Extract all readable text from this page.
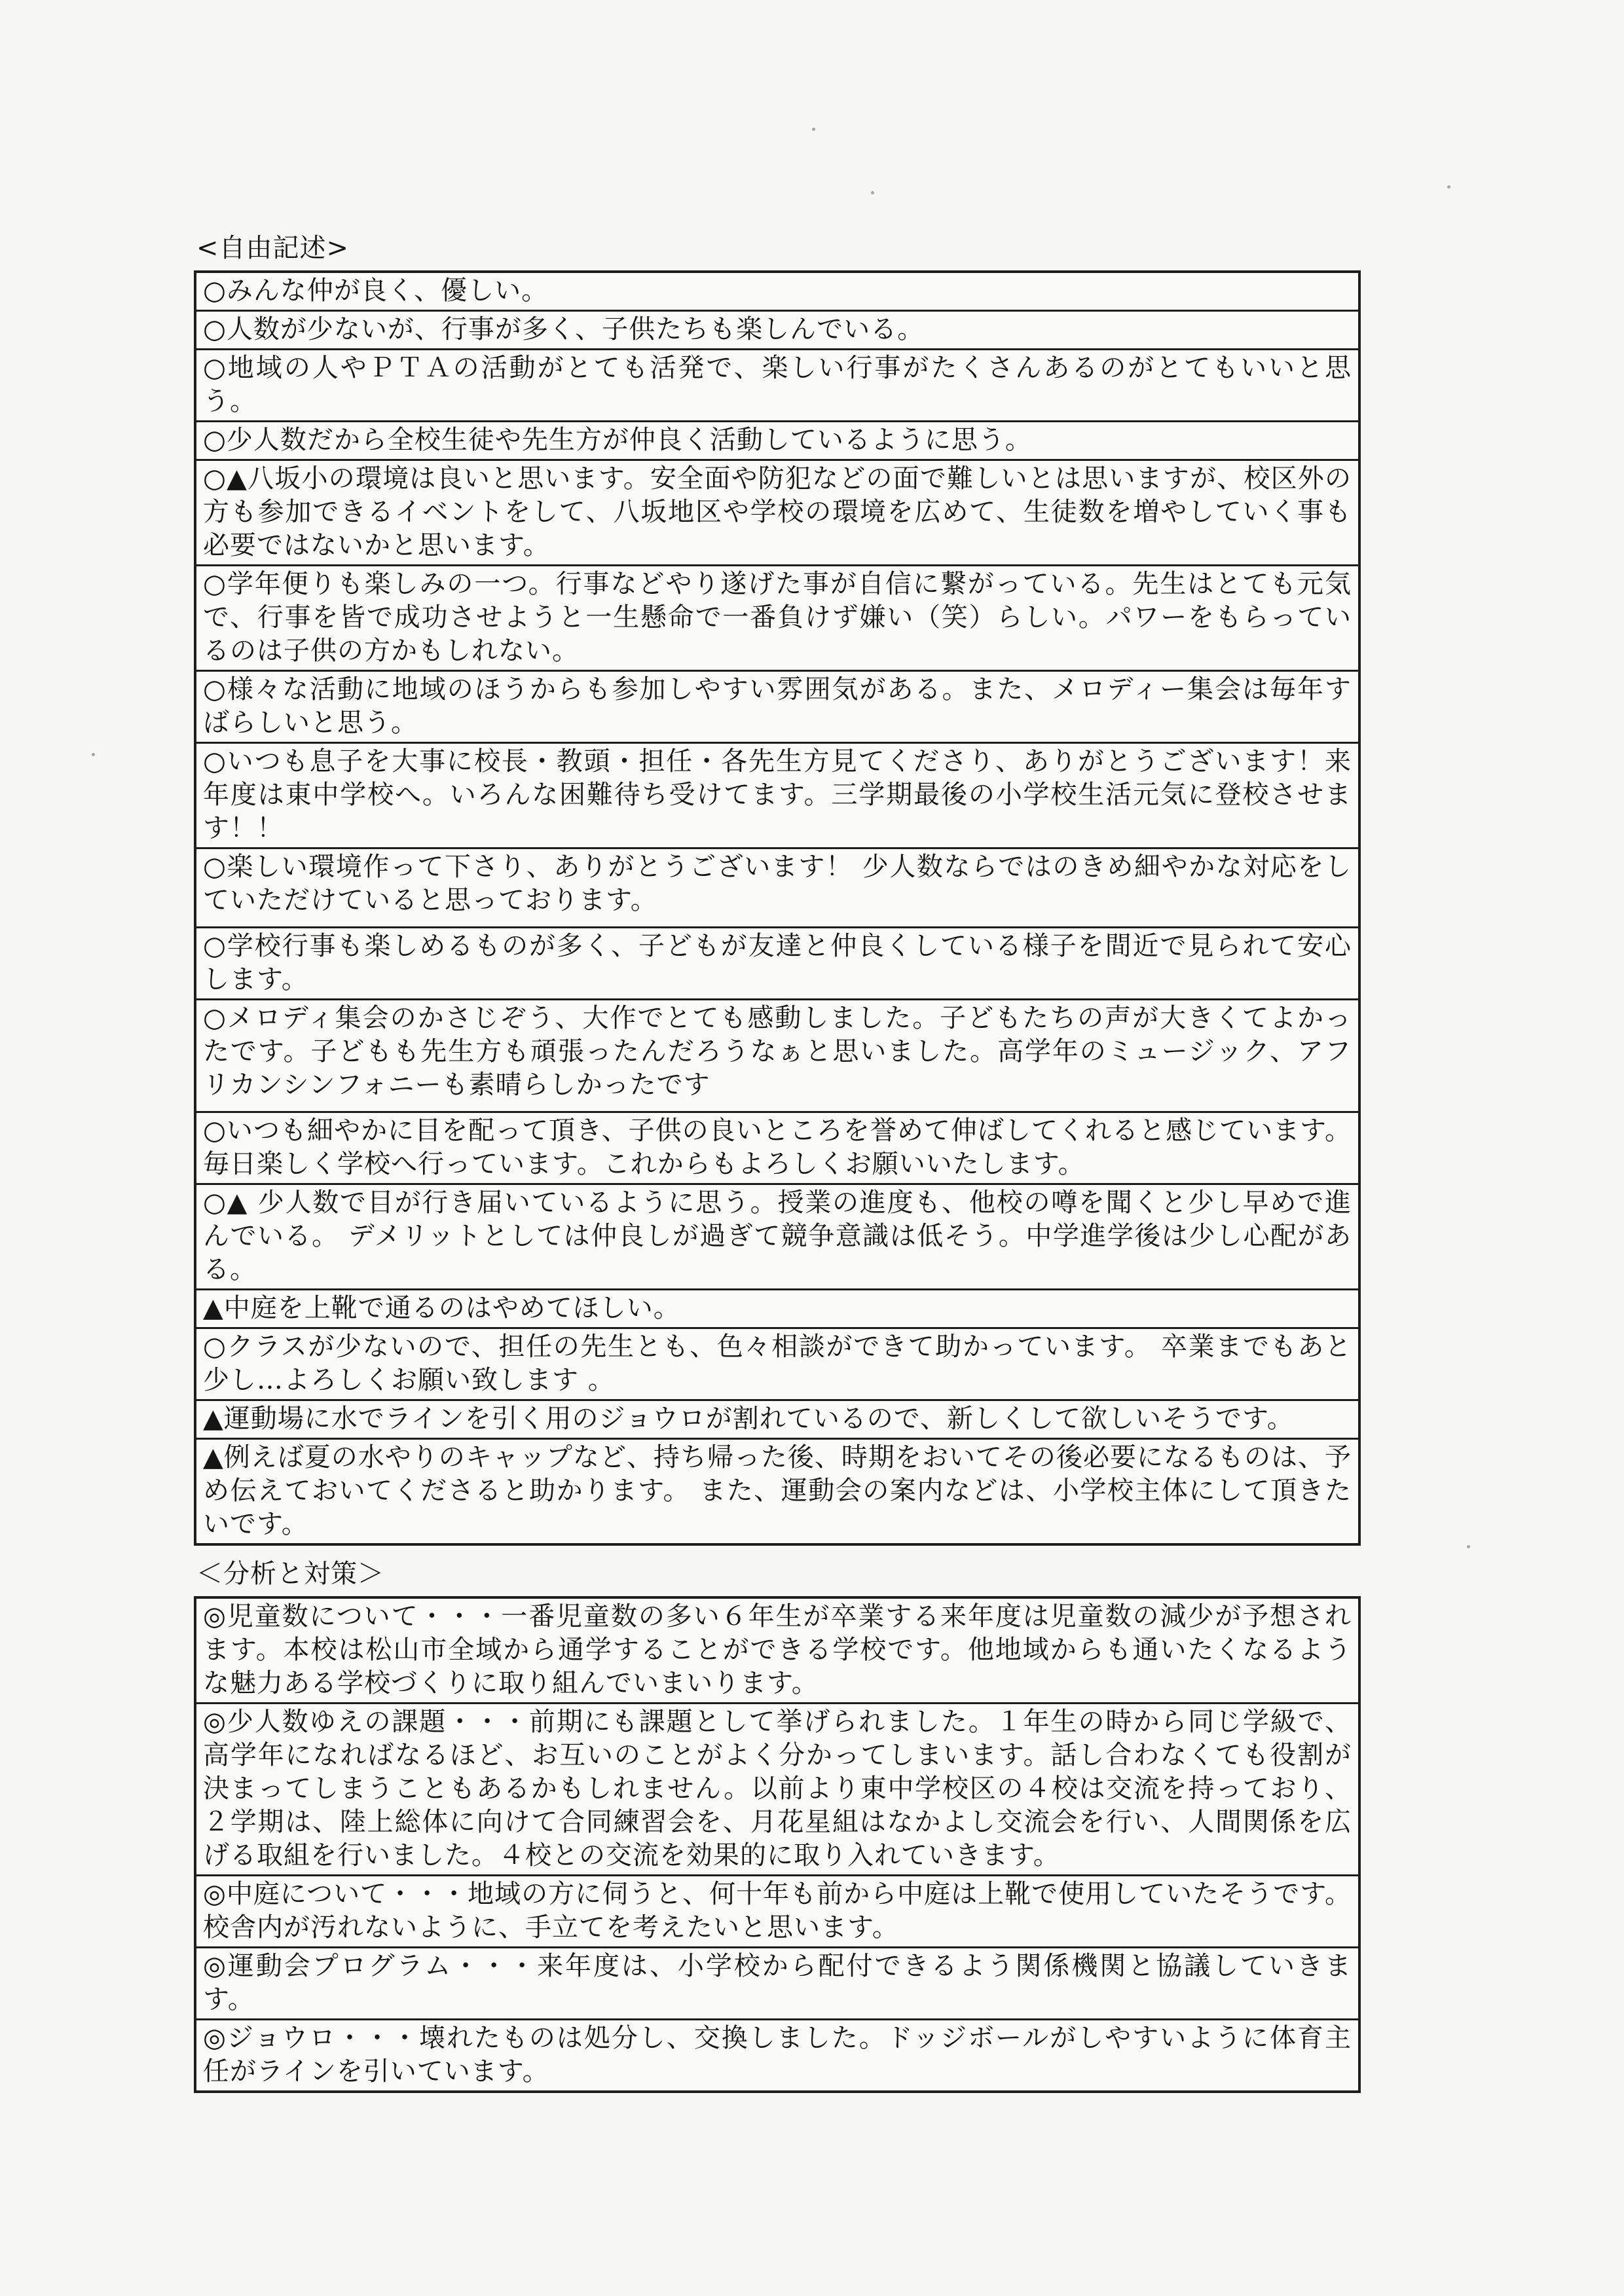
<自由記述>
○みんな仲が良く、優しい。
○人数が少ないが、行事が多く、子供たちも楽しんでいる。
○地域の人やＰＴＡの活動がとても活発で、楽しい行事がたくさんあるのがとてもいいと思う。
○少人数だから全校生徒や先生方が仲良く活動しているように思う。
○▲八坂小の環境は良いと思います。安全面や防犯などの面で難しいとは思いますが、校区外の方も参加できるイベントをして、八坂地区や学校の環境を広めて、生徒数を増やしていく事も必要ではないかと思います。
○学年便りも楽しみの一つ。行事などやり遂げた事が自信に繋がっている。先生はとても元気で、行事を皆で成功させようと一生懸命で一番負けず嫌い（笑）らしい。パワーをもらっているのは子供の方かもしれない。
○様々な活動に地域のほうからも参加しやすい雰囲気がある。また、メロディー集会は毎年すばらしいと思う。
○いつも息子を大事に校長・教頭・担任・各先生方見てくださり、ありがとうございます！来年度は東中学校へ。いろんな困難待ち受けてます。三学期最後の小学校生活元気に登校させます！！
○楽しい環境作って下さり、ありがとうございます！ 少人数ならではのきめ細やかな対応をしていただけていると思っております。
○学校行事も楽しめるものが多く、子どもが友達と仲良くしている様子を間近で見られて安心します。
○メロディ集会のかさじぞう、大作でとても感動しました。子どもたちの声が大きくてよかったです。子どもも先生方も頑張ったんだろうなぁと思いました。高学年のミュージック、アフリカンシンフォニーも素晴らしかったです
○いつも細やかに目を配って頂き、子供の良いところを誉めて伸ばしてくれると感じています。毎日楽しく学校へ行っています。これからもよろしくお願いいたします。
○▲ 少人数で目が行き届いているように思う。授業の進度も、他校の噂を聞くと少し早めで進んでいる。 デメリットとしては仲良しが過ぎて競争意識は低そう。中学進学後は少し心配がある。
▲中庭を上靴で通るのはやめてほしい。
○クラスが少ないので、担任の先生とも、色々相談ができて助かっています。 卒業までもあと少し…よろしくお願い致します 。
▲運動場に水でラインを引く用のジョウロが割れているので、新しくして欲しいそうです。
▲例えば夏の水やりのキャップなど、持ち帰った後、時期をおいてその後必要になるものは、予め伝えておいてくださると助かります。 また、運動会の案内などは、小学校主体にして頂きたいです。
＜分析と対策＞
◎児童数について・・・一番児童数の多い６年生が卒業する来年度は児童数の減少が予想されます。本校は松山市全域から通学することができる学校です。他地域からも通いたくなるような魅力ある学校づくりに取り組んでいまいります。
◎少人数ゆえの課題・・・前期にも課題として挙げられました。１年生の時から同じ学級で、高学年になればなるほど、お互いのことがよく分かってしまいます。話し合わなくても役割が決まってしまうこともあるかもしれません。以前より東中学校区の４校は交流を持っており、２学期は、陸上総体に向けて合同練習会を、月花星組はなかよし交流会を行い、人間関係を広げる取組を行いました。４校との交流を効果的に取り入れていきます。
◎中庭について・・・地域の方に伺うと、何十年も前から中庭は上靴で使用していたそうです。校舎内が汚れないように、手立てを考えたいと思います。
◎運動会プログラム・・・来年度は、小学校から配付できるよう関係機関と協議していきます。
◎ジョウロ・・・壊れたものは処分し、交換しました。ドッジボールがしやすいように体育主任がラインを引いています。
